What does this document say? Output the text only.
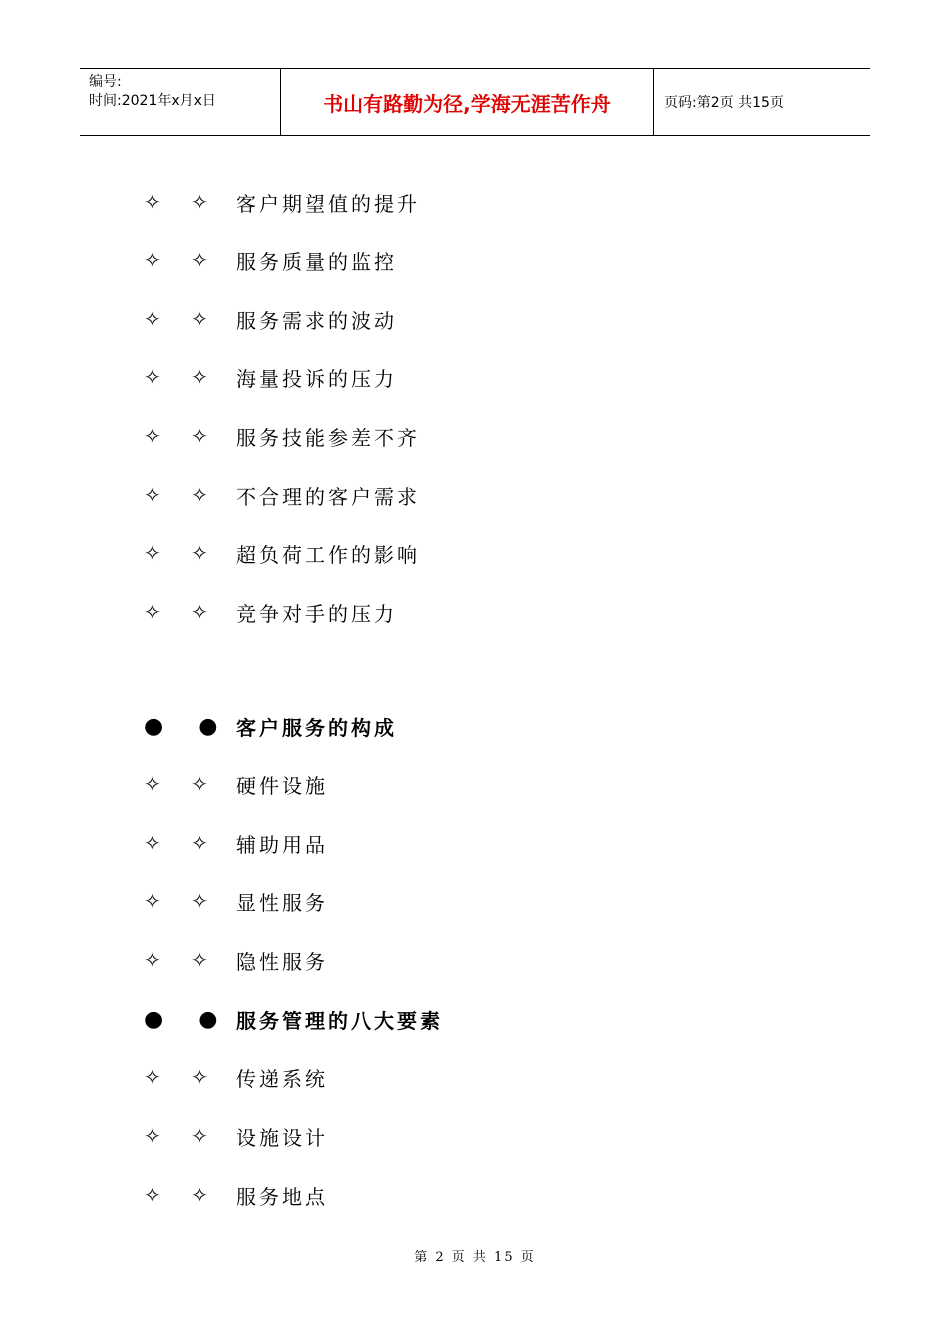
编号:
时间:2021年x月x日	书山有路勤为径,学海无涯苦作舟	页码:第2页 共15页
✧ ✧ 客户期望值的提升
✧ ✧ 服务质量的监控
✧ ✧ 服务需求的波动
✧ ✧ 海量投诉的压力
✧ ✧ 服务技能参差不齐
✧ ✧ 不合理的客户需求
✧ ✧ 超负荷工作的影响
✧ ✧ 竞争对手的压力
● ● 客户服务的构成
✧ ✧ 硬件设施
✧ ✧ 辅助用品
✧ ✧ 显性服务
✧ ✧ 隐性服务
● ● 服务管理的八大要素
✧ ✧ 传递系统
✧ ✧ 设施设计
✧ ✧ 服务地点
第 2 页 共 15 页
